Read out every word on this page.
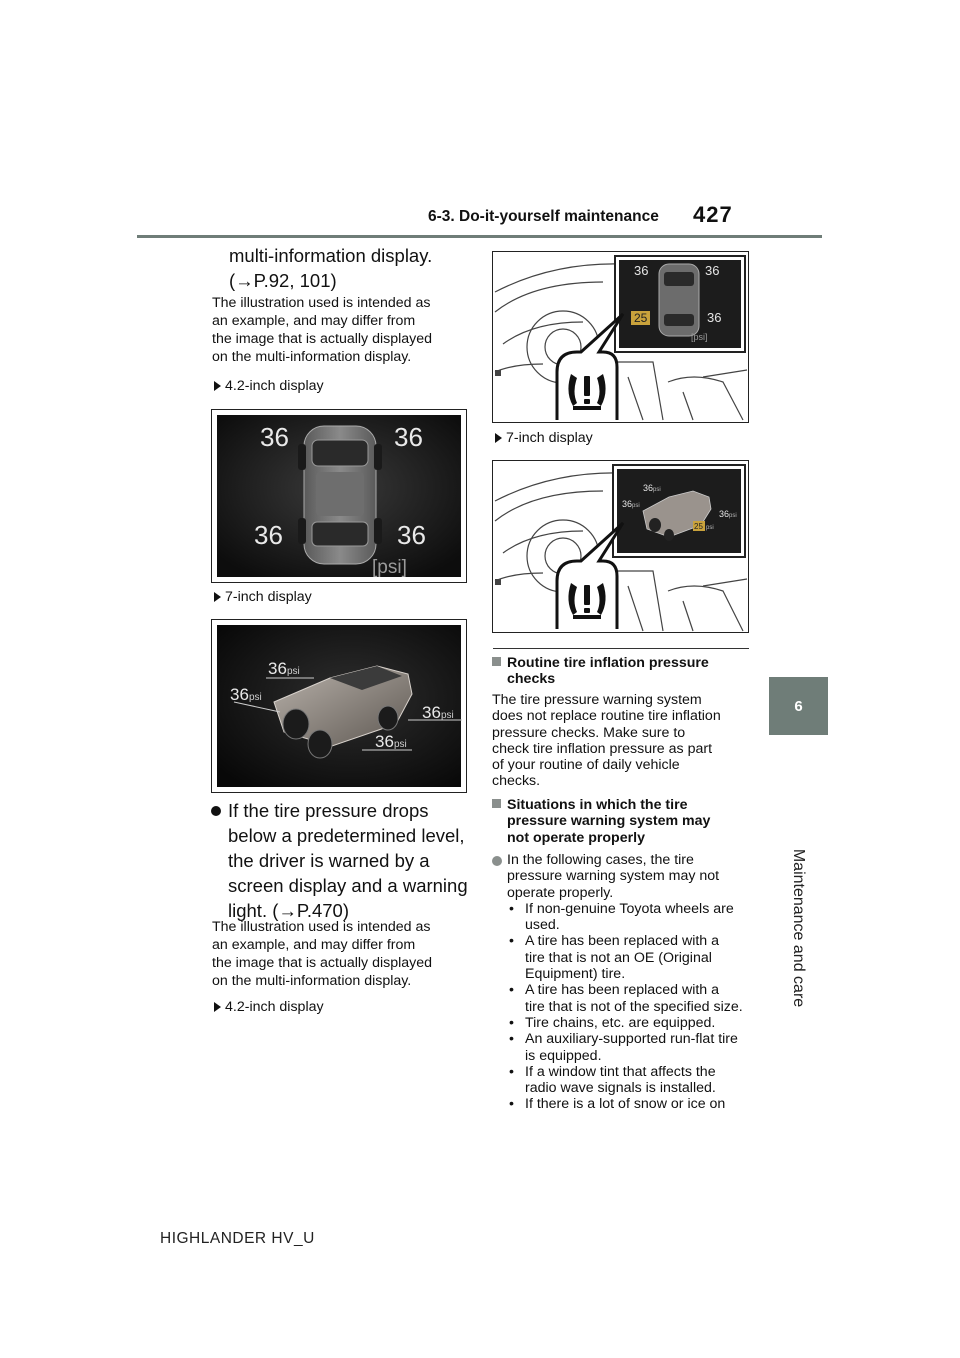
6-3. Do-it-yourself maintenance 427
6
Maintenance and care
multi-information display.
(→P.92, 101)
The illustration used is intended as
an example, and may differ from
the image that is actually displayed
on the multi-information display.
4.2-inch display
36	36
36	36
[psi]
7-inch display
36 psi
36 psi
36 psi
36 psi
If the tire pressure drops
below a predetermined level,
the driver is warned by a
screen display and a warning
light. (→P.470)
The illustration used is intended as
an example, and may differ from
the image that is actually displayed
on the multi-information display.
4.2-inch display
36	36
25	36
[psi]
7-inch display
36 psi
36 psi
36 psi
25 psi
Routine tire inflation pressure
checks
The tire pressure warning system
does not replace routine tire inflation
pressure checks. Make sure to
check tire inflation pressure as part
of your routine of daily vehicle
checks.
Situations in which the tire
pressure warning system may
not operate properly
In the following cases, the tire
pressure warning system may not
operate properly.
• If non-genuine Toyota wheels are
used.
• A tire has been replaced with a
tire that is not an OE (Original
Equipment) tire.
• A tire has been replaced with a
tire that is not of the specified size.
• Tire chains, etc. are equipped.
• An auxiliary-supported run-flat tire
is equipped.
• If a window tint that affects the
radio wave signals is installed.
• If there is a lot of snow or ice on
HIGHLANDER HV_U
